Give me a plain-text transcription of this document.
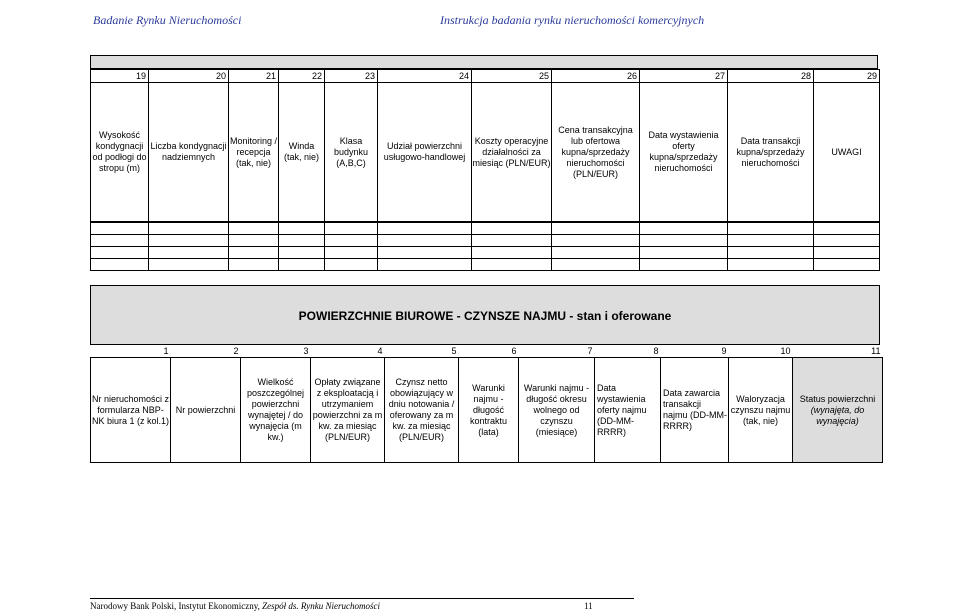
Badanie Rynku Nieruchomości	Instrukcja badania rynku nieruchomości komercyjnych
19	20	21	22	23	24	25	26	27	28	29
Wysokość kondygnacji od podłogi do stropu (m)	Liczba kondygnacji nadziemnych	Monitoring / recepcja (tak, nie)	Winda (tak, nie)	Klasa budynku (A,B,C)	Udział powierzchni usługowo-handlowej	Koszty operacyjne działalności za miesiąc (PLN/EUR)	Cena transakcyjna lub ofertowa kupna/sprzedaży nieruchomości (PLN/EUR)	Data wystawienia oferty kupna/sprzedaży nieruchomości	Data transakcji kupna/sprzedaży nieruchomości	UWAGI

POWIERZCHNIE BIUROWE - CZYNSZE NAJMU - stan i oferowane
1	2	3	4	5	6	7	8	9	10	11
Nr nieruchomości z formularza NBP-NK biura 1 (z kol.1)	Nr powierzchni	Wielkość poszczególnej powierzchni wynajętej / do wynajęcia (m kw.)	Opłaty związane z eksploatacją i utrzymaniem powierzchni za m kw. za miesiąc (PLN/EUR)	Czynsz netto obowiązujący w dniu notowania / oferowany za m kw. za miesiąc (PLN/EUR)	Warunki najmu - długość kontraktu (lata)	Warunki najmu - długość okresu wolnego od czynszu (miesiące)	Data wystawienia oferty najmu (DD-MM-RRRR)	Data zawarcia transakcji najmu (DD-MM-RRRR)	Waloryzacja czynszu najmu (tak, nie)	Status powierzchni
(wynajęta, do wynajęcia)
Narodowy Bank Polski, Instytut Ekonomiczny, Zespół ds. Rynku Nieruchomości	11
